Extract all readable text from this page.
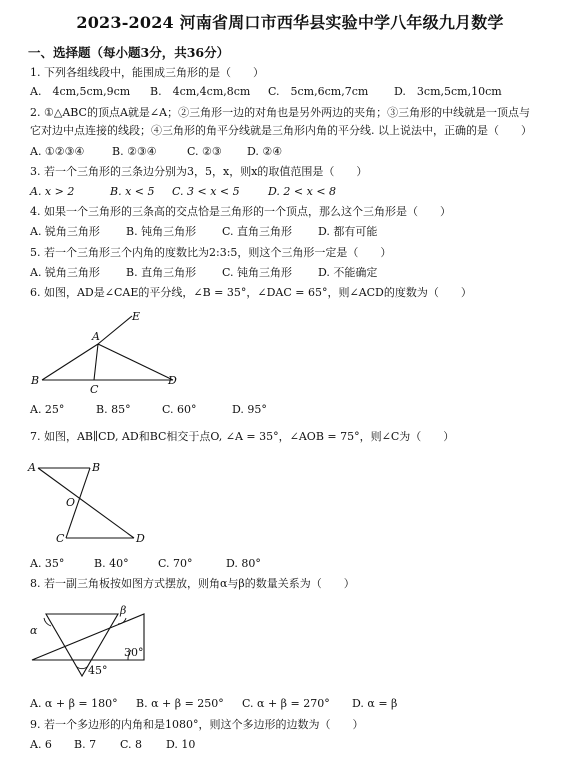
2023-2024 河南省周口市西华县实验中学八年级九月数学
一、选择题（每小题3分，共36分）
1. 下列各组线段中，能围成三角形的是（　　）
A.　4cm,5cm,9cm B.　4cm,4cm,8cm C.　5cm,6cm,7cm D.　3cm,5cm,10cm
2. ①△ABC的顶点A就是∠A；②三角形一边的对角也是另外两边的夹角；③三角形的中线就是一顶点与
它对边中点连接的线段；④三角形的角平分线就是三角形内角的平分线. 以上说法中，正确的是（　　）
A. ①②③④	B. ②③④	C. ②③ D. ②④
3. 若一个三角形的三条边分别为3，5，x，则x的取值范围是（　　）
A. x > 2	B. x < 5 C. 3 < x < 5	D. 2 < x < 8
4. 如果一个三角形的三条高的交点恰是三角形的一个顶点，那么这个三角形是（　　）
A. 锐角三角形 B. 钝角三角形 C. 直角三角形 D. 都有可能
5. 若一个三角形三个内角的度数比为2:3:5，则这个三角形一定是（　　）
A. 锐角三角形 B. 直角三角形 C. 钝角三角形 D. 不能确定
6. 如图，AD是∠CAE的平分线，∠B = 35°，∠DAC = 65°，则∠ACD的度数为（　　）
A
B
C
D
E
A. 25°	B. 85°	C. 60°	D. 95°
7. 如图，AB∥CD, AD和BC相交于点O, ∠A = 35°，∠AOB = 75°，则∠C为（　　）
A	B
O
C	D
A. 35°	B. 40°	C. 70°	D. 80°
8. 若一副三角板按如图方式摆放，则角α与β的数量关系为（　　）
α
β
30°
45°
A. α + β = 180° B. α + β = 250° C. α + β = 270° D. α = β
9. 若一个多边形的内角和是1080°，则这个多边形的边数为（　　）
A. 6 B. 7 C. 8 D. 10
